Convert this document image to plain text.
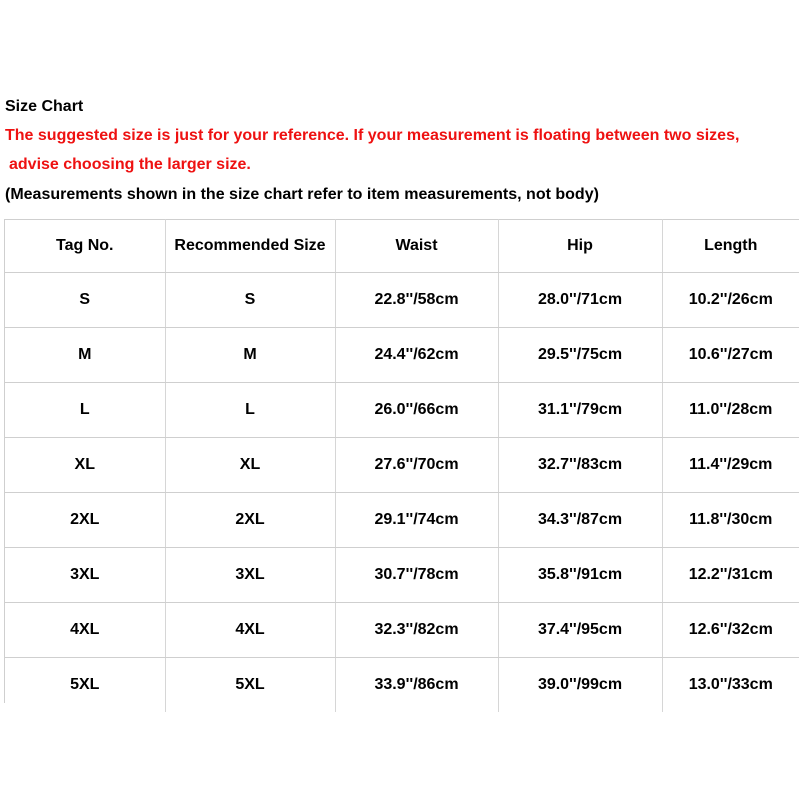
Size Chart
The suggested size is just for your reference. If your measurement is floating between two sizes,
advise choosing the larger size.
(Measurements shown in the size chart refer to item measurements, not body)
Tag No.	Recommended Size	Waist	Hip	Length
S	S	22.8''/58cm	28.0''/71cm	10.2''/26cm
M	M	24.4''/62cm	29.5''/75cm	10.6''/27cm
L	L	26.0''/66cm	31.1''/79cm	11.0''/28cm
XL	XL	27.6''/70cm	32.7''/83cm	11.4''/29cm
2XL	2XL	29.1''/74cm	34.3''/87cm	11.8''/30cm
3XL	3XL	30.7''/78cm	35.8''/91cm	12.2''/31cm
4XL	4XL	32.3''/82cm	37.4''/95cm	12.6''/32cm
5XL	5XL	33.9''/86cm	39.0''/99cm	13.0''/33cm
